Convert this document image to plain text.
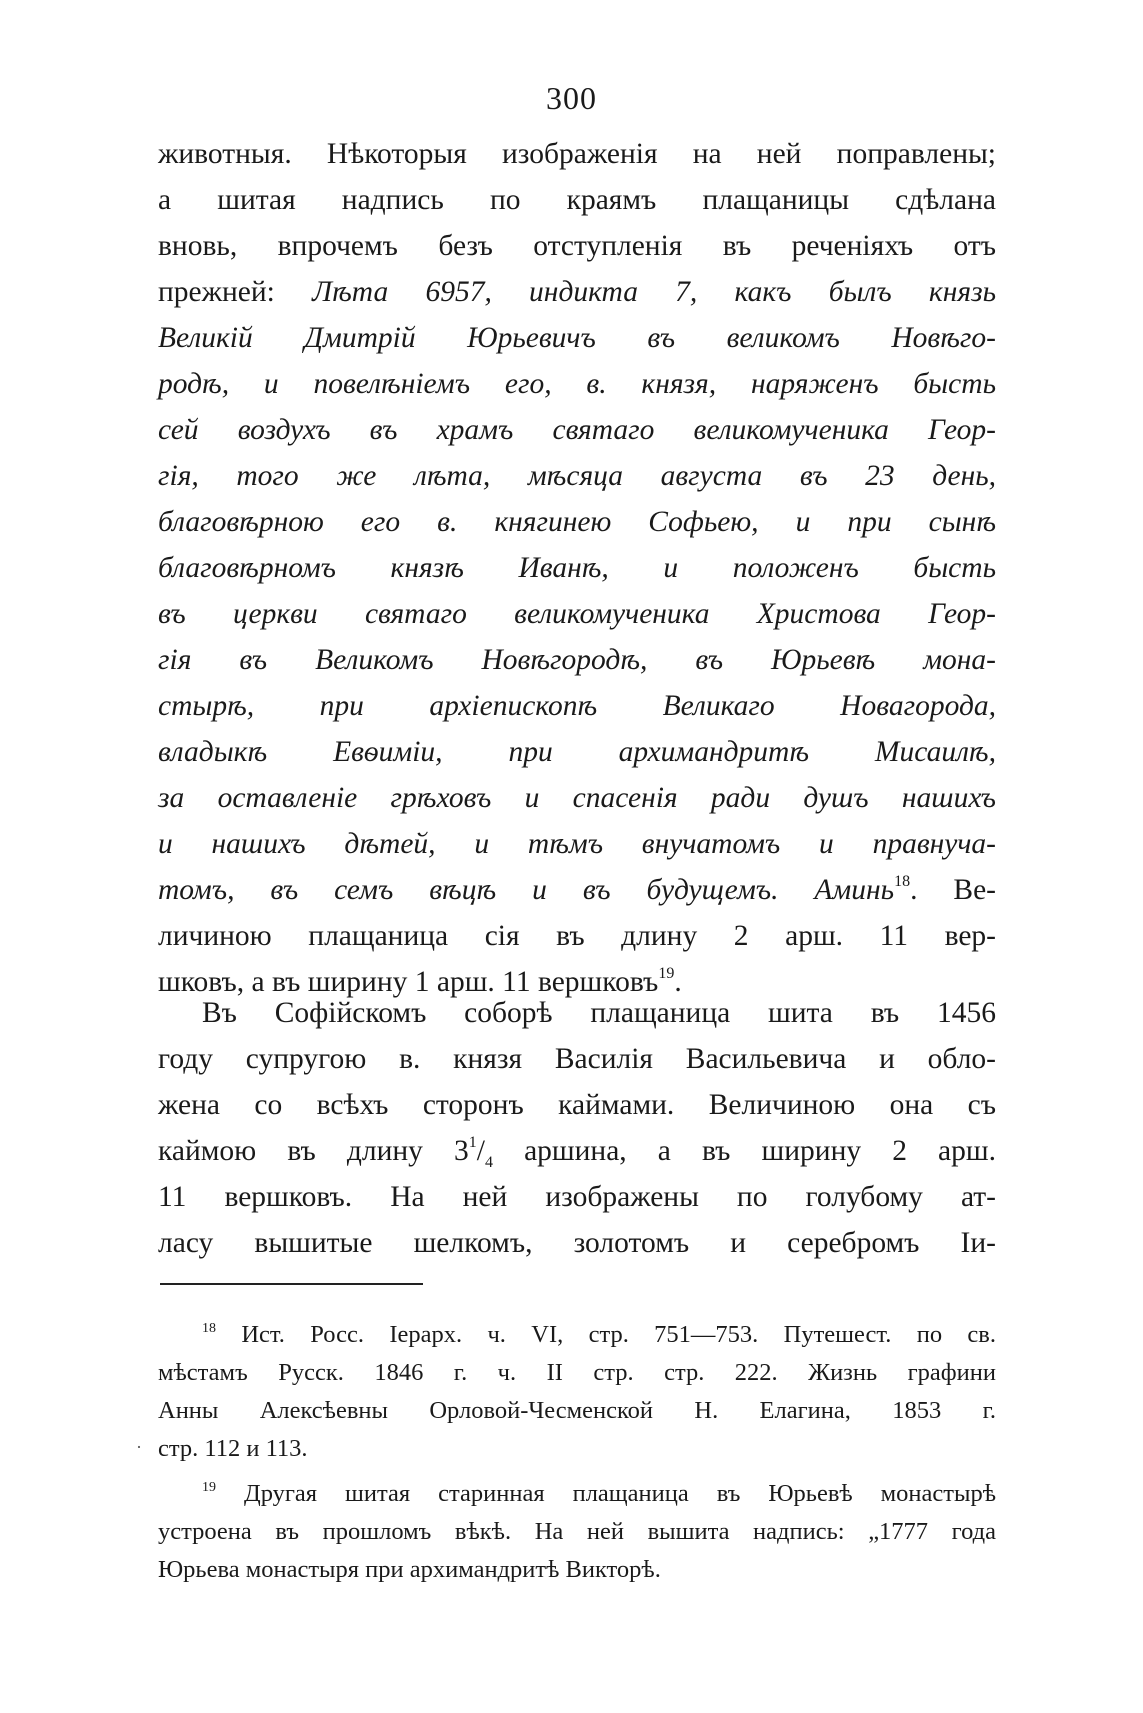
300
животныя. Нѣкоторыя изображенія на ней поправлены;
а шитая надпись по краямъ плащаницы сдѣлана
вновь, впрочемъ безъ отступленія въ реченіяхъ отъ
прежней: Лѣта 6957, индикта 7, какъ былъ князь
Великій Дмитрій Юрьевичъ въ великомъ Новѣго-
родѣ, и повелѣніемъ его, в. князя, наряженъ бысть
сей воздухъ въ храмъ святаго великомученика Геор-
гія, того же лѣта, мѣсяца августа въ 23 день,
благовѣрною его в. княгинею Софьею, и при сынѣ
благовѣрномъ князѣ Иванѣ, и положенъ бысть
въ церкви святаго великомученика Христова Геор-
гія въ Великомъ Новѣгородѣ, въ Юрьевѣ мона-
стырѣ, при архіепископѣ Великаго Новагорода,
владыкѣ Евѳиміи, при архимандритѣ Мисаилѣ,
за оставленіе грѣховъ и спасенія ради душъ нашихъ
и нашихъ дѣтей, и тѣмъ внучатомъ и правнуча-
томъ, въ семъ вѣцѣ и въ будущемъ. Аминь$^{18}$. Ве-
личиною плащаница сія въ длину 2 арш. 11 вер-
шковъ, а въ ширину 1 арш. 11 вершковъ$^{19}$.
Въ Софійскомъ соборѣ плащаница шита въ 1456
году супругою в. князя Василія Васильевича и обло-
жена со всѣхъ сторонъ каймами. Величиною она съ
каймою въ длину $3^1/_4$ аршина, а въ ширину 2 арш.
11 вершковъ. На ней изображены по голубому ат-
ласу вышитые шелкомъ, золотомъ и серебромъ Іи-
$^{18}$ Ист. Росс. Іерарх. ч. VI, стр. 751—753. Путешест. по св.
мѣстамъ Русск. 1846 г. ч. II стр. стр. 222. Жизнь графини
Анны Алексѣевны Орловой-Чесменской Н. Елагина, 1853 г.
стр. 112 и 113.
·
$^{19}$ Другая шитая старинная плащаница въ Юрьевѣ монастырѣ
устроена въ прошломъ вѣкѣ. На ней вышита надпись: „1777 года
Юрьева монастыря при архимандритѣ Викторѣ.
